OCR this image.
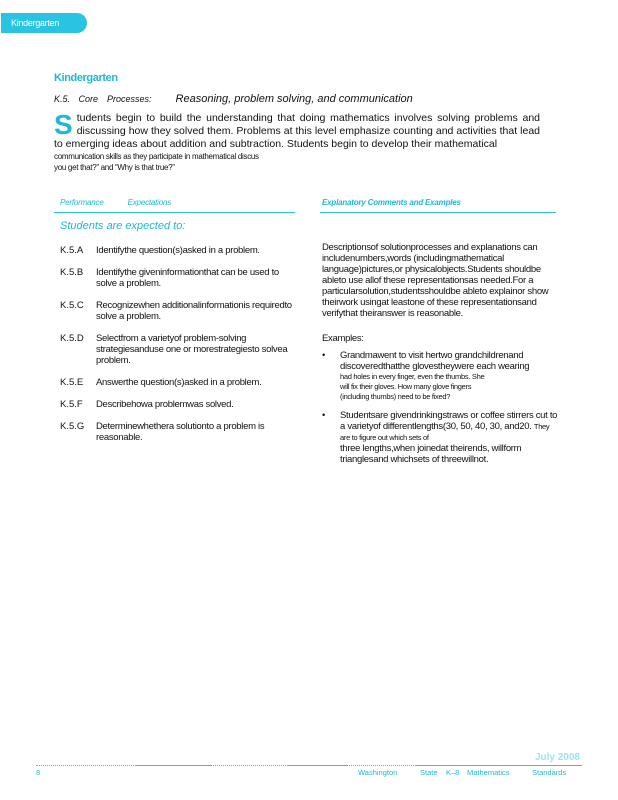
Kindergarten
Kindergarten
K.5. Core Processes: Reasoning, problem solving, and communication
S tudents begin to build the understanding that doing mathematics involves solving problems and discussing how they solved them. Problems at this level emphasize counting and activities that lead to emerging ideas about addition and subtraction. Students begin to develop their mathematical

communication skills as they participate in mathematical discus
you get that?” and “Why is that true?”
Performance	Expectations	Explanatory Comments and Examples
Students are expected to:
K.5.A	Identifythe question(s)asked in a problem.
K.5.B	Identifythe giveninformationthat can be used to solve a problem.
K.5.C	Recognizewhen additionalinformationis requiredto solve a problem.
K.5.D	Selectfrom a varietyof problem-solving strategiesanduse one or morestrategiesto solvea problem.
K.5.E	Answerthe question(s)asked in a problem.
K.5.F	Describehowa problemwas solved.
K.5.G	Determinewhethera solutionto a problem is reasonable.

Descriptionsof solutionprocesses and explanations can includenumbers,words (includingmathematical language)pictures,or physicalobjects.Students shouldbe ableto use allof these representationsas needed.For a particularsolution,studentsshouldbe ableto explainor show theirwork usingat leastone of these representationsand verifythat theiranswer is reasonable.

Examples:

• Grandmawent to visit hertwo grandchildrenand discoveredthatthe glovestheywere each wearing
had holes in every finger, even the thumbs. She
will fix their gloves. How many glove fingers
(including thumbs) need to be fixed?
• Studentsare givendrinkingstraws or coffee stirrers cut to a varietyof differentlengths(30, 50, 40, 30, and20. They are to figure out which sets of
three lengths,when joinedat theirends, willform trianglesand whichsets of threewillnot.
July 2008
8	Washington	State K–8 Mathematics	Standards
